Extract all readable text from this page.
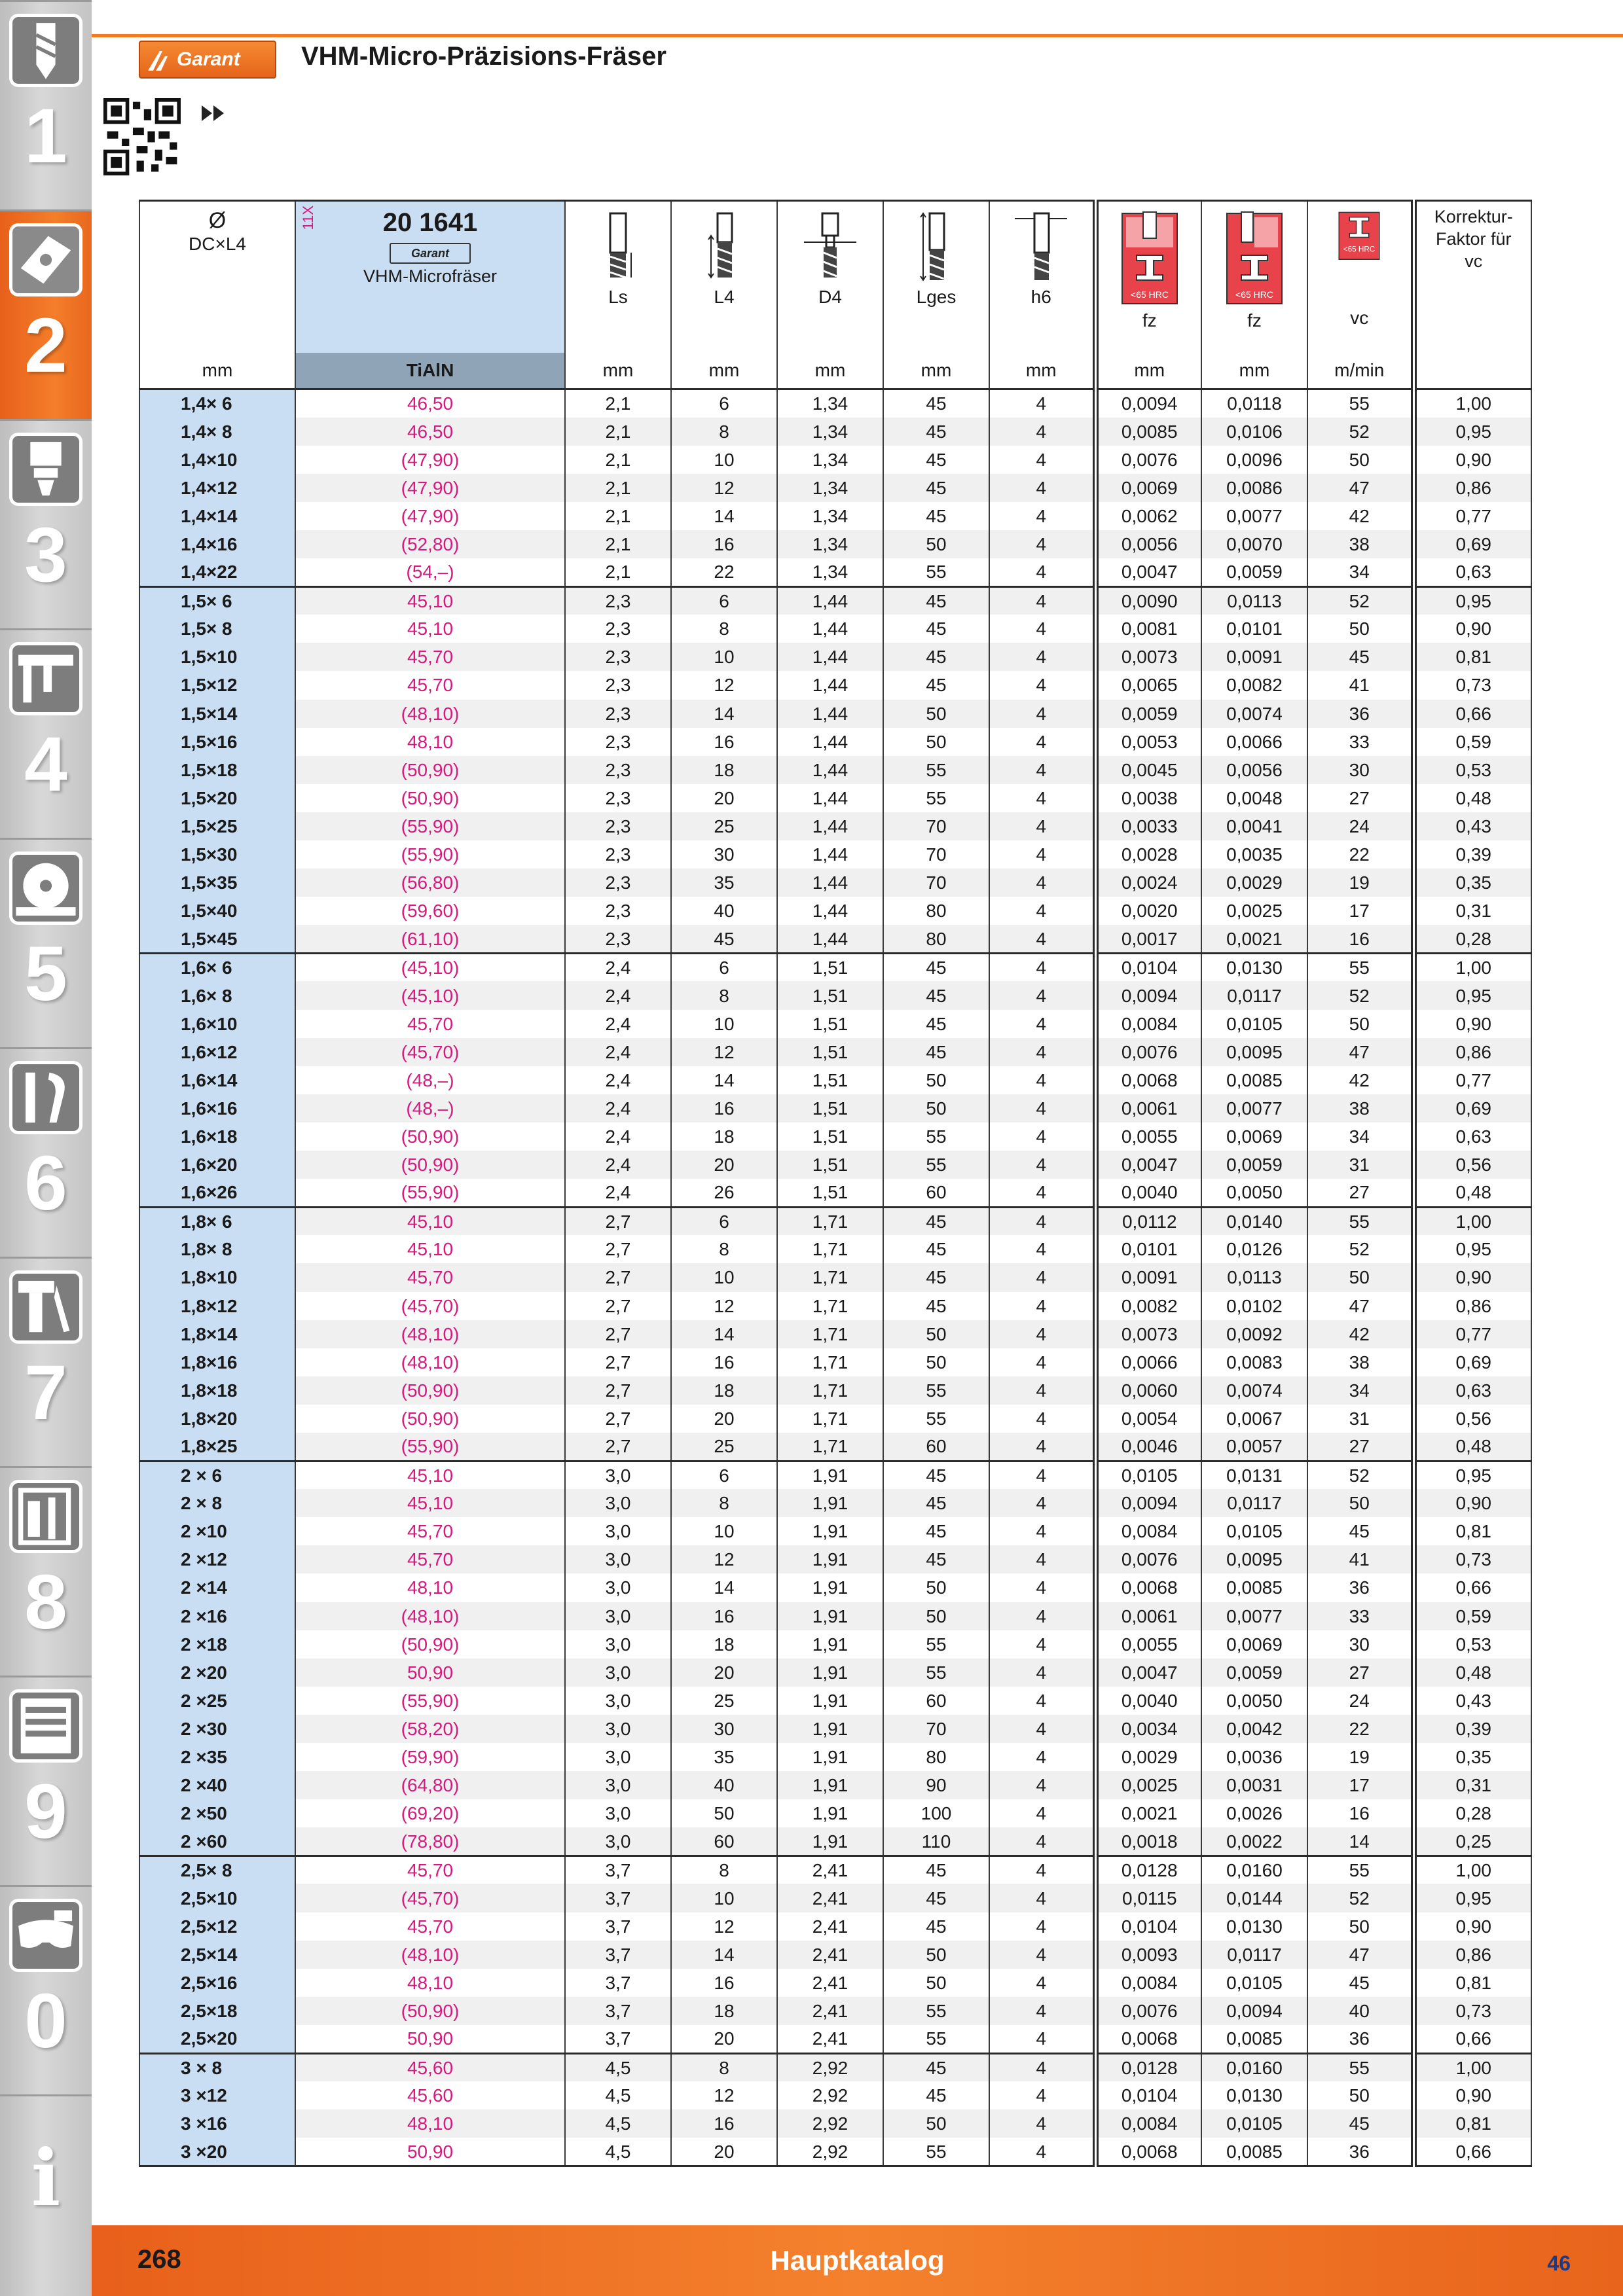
1
2
3
4
5
6
7
8
9
0
i
Garant VHM-Micro-Präzisions-Fräser
Ø
DC×L4	11X 20 1641
Garant
VHM-Microfräser	Ls	L4	D4	Lges	h6	<65 HRC
fz	<65 HRC
fz	<65 HRC
vc	Korrektur-Faktor für vc

mm	TiAlN	mm	mm	mm	mm	mm	mm	mm	m/min	
1,4× 6	46,50	2,1	6	1,34	45	4	0,0094	0,0118	55	1,00
1,4× 8	46,50	2,1	8	1,34	45	4	0,0085	0,0106	52	0,95
1,4×10	(47,90)	2,1	10	1,34	45	4	0,0076	0,0096	50	0,90
1,4×12	(47,90)	2,1	12	1,34	45	4	0,0069	0,0086	47	0,86
1,4×14	(47,90)	2,1	14	1,34	45	4	0,0062	0,0077	42	0,77
1,4×16	(52,80)	2,1	16	1,34	50	4	0,0056	0,0070	38	0,69
1,4×22	(54,–)	2,1	22	1,34	55	4	0,0047	0,0059	34	0,63
1,5× 6	45,10	2,3	6	1,44	45	4	0,0090	0,0113	52	0,95
1,5× 8	45,10	2,3	8	1,44	45	4	0,0081	0,0101	50	0,90
1,5×10	45,70	2,3	10	1,44	45	4	0,0073	0,0091	45	0,81
1,5×12	45,70	2,3	12	1,44	45	4	0,0065	0,0082	41	0,73
1,5×14	(48,10)	2,3	14	1,44	50	4	0,0059	0,0074	36	0,66
1,5×16	48,10	2,3	16	1,44	50	4	0,0053	0,0066	33	0,59
1,5×18	(50,90)	2,3	18	1,44	55	4	0,0045	0,0056	30	0,53
1,5×20	(50,90)	2,3	20	1,44	55	4	0,0038	0,0048	27	0,48
1,5×25	(55,90)	2,3	25	1,44	70	4	0,0033	0,0041	24	0,43
1,5×30	(55,90)	2,3	30	1,44	70	4	0,0028	0,0035	22	0,39
1,5×35	(56,80)	2,3	35	1,44	70	4	0,0024	0,0029	19	0,35
1,5×40	(59,60)	2,3	40	1,44	80	4	0,0020	0,0025	17	0,31
1,5×45	(61,10)	2,3	45	1,44	80	4	0,0017	0,0021	16	0,28
1,6× 6	(45,10)	2,4	6	1,51	45	4	0,0104	0,0130	55	1,00
1,6× 8	(45,10)	2,4	8	1,51	45	4	0,0094	0,0117	52	0,95
1,6×10	45,70	2,4	10	1,51	45	4	0,0084	0,0105	50	0,90
1,6×12	(45,70)	2,4	12	1,51	45	4	0,0076	0,0095	47	0,86
1,6×14	(48,–)	2,4	14	1,51	50	4	0,0068	0,0085	42	0,77
1,6×16	(48,–)	2,4	16	1,51	50	4	0,0061	0,0077	38	0,69
1,6×18	(50,90)	2,4	18	1,51	55	4	0,0055	0,0069	34	0,63
1,6×20	(50,90)	2,4	20	1,51	55	4	0,0047	0,0059	31	0,56
1,6×26	(55,90)	2,4	26	1,51	60	4	0,0040	0,0050	27	0,48
1,8× 6	45,10	2,7	6	1,71	45	4	0,0112	0,0140	55	1,00
1,8× 8	45,10	2,7	8	1,71	45	4	0,0101	0,0126	52	0,95
1,8×10	45,70	2,7	10	1,71	45	4	0,0091	0,0113	50	0,90
1,8×12	(45,70)	2,7	12	1,71	45	4	0,0082	0,0102	47	0,86
1,8×14	(48,10)	2,7	14	1,71	50	4	0,0073	0,0092	42	0,77
1,8×16	(48,10)	2,7	16	1,71	50	4	0,0066	0,0083	38	0,69
1,8×18	(50,90)	2,7	18	1,71	55	4	0,0060	0,0074	34	0,63
1,8×20	(50,90)	2,7	20	1,71	55	4	0,0054	0,0067	31	0,56
1,8×25	(55,90)	2,7	25	1,71	60	4	0,0046	0,0057	27	0,48
2 × 6	45,10	3,0	6	1,91	45	4	0,0105	0,0131	52	0,95
2 × 8	45,10	3,0	8	1,91	45	4	0,0094	0,0117	50	0,90
2 ×10	45,70	3,0	10	1,91	45	4	0,0084	0,0105	45	0,81
2 ×12	45,70	3,0	12	1,91	45	4	0,0076	0,0095	41	0,73
2 ×14	48,10	3,0	14	1,91	50	4	0,0068	0,0085	36	0,66
2 ×16	(48,10)	3,0	16	1,91	50	4	0,0061	0,0077	33	0,59
2 ×18	(50,90)	3,0	18	1,91	55	4	0,0055	0,0069	30	0,53
2 ×20	50,90	3,0	20	1,91	55	4	0,0047	0,0059	27	0,48
2 ×25	(55,90)	3,0	25	1,91	60	4	0,0040	0,0050	24	0,43
2 ×30	(58,20)	3,0	30	1,91	70	4	0,0034	0,0042	22	0,39
2 ×35	(59,90)	3,0	35	1,91	80	4	0,0029	0,0036	19	0,35
2 ×40	(64,80)	3,0	40	1,91	90	4	0,0025	0,0031	17	0,31
2 ×50	(69,20)	3,0	50	1,91	100	4	0,0021	0,0026	16	0,28
2 ×60	(78,80)	3,0	60	1,91	110	4	0,0018	0,0022	14	0,25
2,5× 8	45,70	3,7	8	2,41	45	4	0,0128	0,0160	55	1,00
2,5×10	(45,70)	3,7	10	2,41	45	4	0,0115	0,0144	52	0,95
2,5×12	45,70	3,7	12	2,41	45	4	0,0104	0,0130	50	0,90
2,5×14	(48,10)	3,7	14	2,41	50	4	0,0093	0,0117	47	0,86
2,5×16	48,10	3,7	16	2,41	50	4	0,0084	0,0105	45	0,81
2,5×18	(50,90)	3,7	18	2,41	55	4	0,0076	0,0094	40	0,73
2,5×20	50,90	3,7	20	2,41	55	4	0,0068	0,0085	36	0,66
3 × 8	45,60	4,5	8	2,92	45	4	0,0128	0,0160	55	1,00
3 ×12	45,60	4,5	12	2,92	45	4	0,0104	0,0130	50	0,90
3 ×16	48,10	4,5	16	2,92	50	4	0,0084	0,0105	45	0,81
3 ×20	50,90	4,5	20	2,92	55	4	0,0068	0,0085	36	0,66
268	Hauptkatalog	46
